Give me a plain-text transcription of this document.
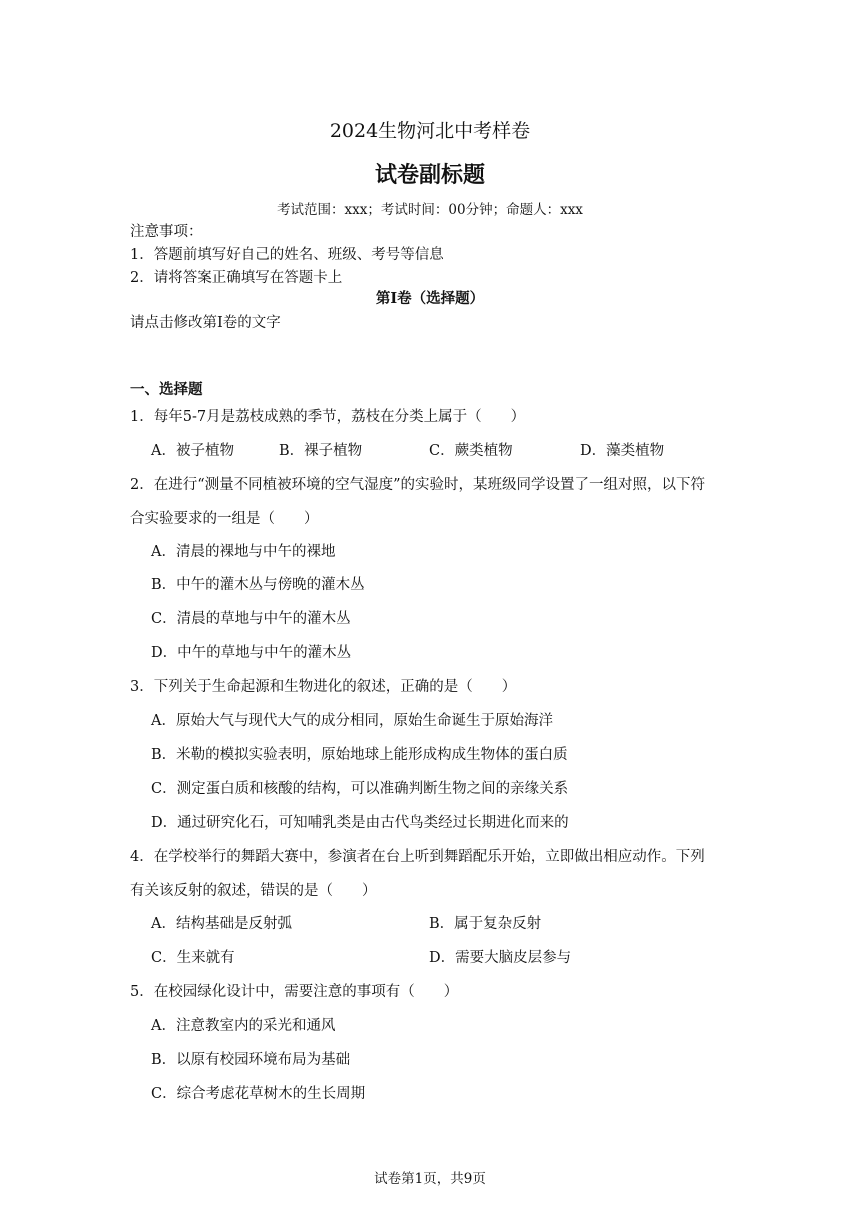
2024生物河北中考样卷
试卷副标题
考试范围：xxx；考试时间：00分钟；命题人：xxx
注意事项：
1．答题前填写好自己的姓名、班级、考号等信息
2．请将答案正确填写在答题卡上
第I卷（选择题）
请点击修改第I卷的文字
一、选择题
1．每年5-7月是荔枝成熟的季节，荔枝在分类上属于（　　）
A．被子植物	B．裸子植物	C．蕨类植物	D．藻类植物
2．在进行“测量不同植被环境的空气湿度”的实验时，某班级同学设置了一组对照，以下符
合实验要求的一组是（　　）
A．清晨的裸地与中午的裸地
B．中午的灌木丛与傍晚的灌木丛
C．清晨的草地与中午的灌木丛
D．中午的草地与中午的灌木丛
3．下列关于生命起源和生物进化的叙述，正确的是（　　）
A．原始大气与现代大气的成分相同，原始生命诞生于原始海洋
B．米勒的模拟实验表明，原始地球上能形成构成生物体的蛋白质
C．测定蛋白质和核酸的结构，可以准确判断生物之间的亲缘关系
D．通过研究化石，可知哺乳类是由古代鸟类经过长期进化而来的
4．在学校举行的舞蹈大赛中，参演者在台上听到舞蹈配乐开始，立即做出相应动作。下列
有关该反射的叙述，错误的是（　　）
A．结构基础是反射弧	B．属于复杂反射
C．生来就有	D．需要大脑皮层参与
5．在校园绿化设计中，需要注意的事项有（　　）
A．注意教室内的采光和通风
B．以原有校园环境布局为基础
C．综合考虑花草树木的生长周期
试卷第1页，共9页
